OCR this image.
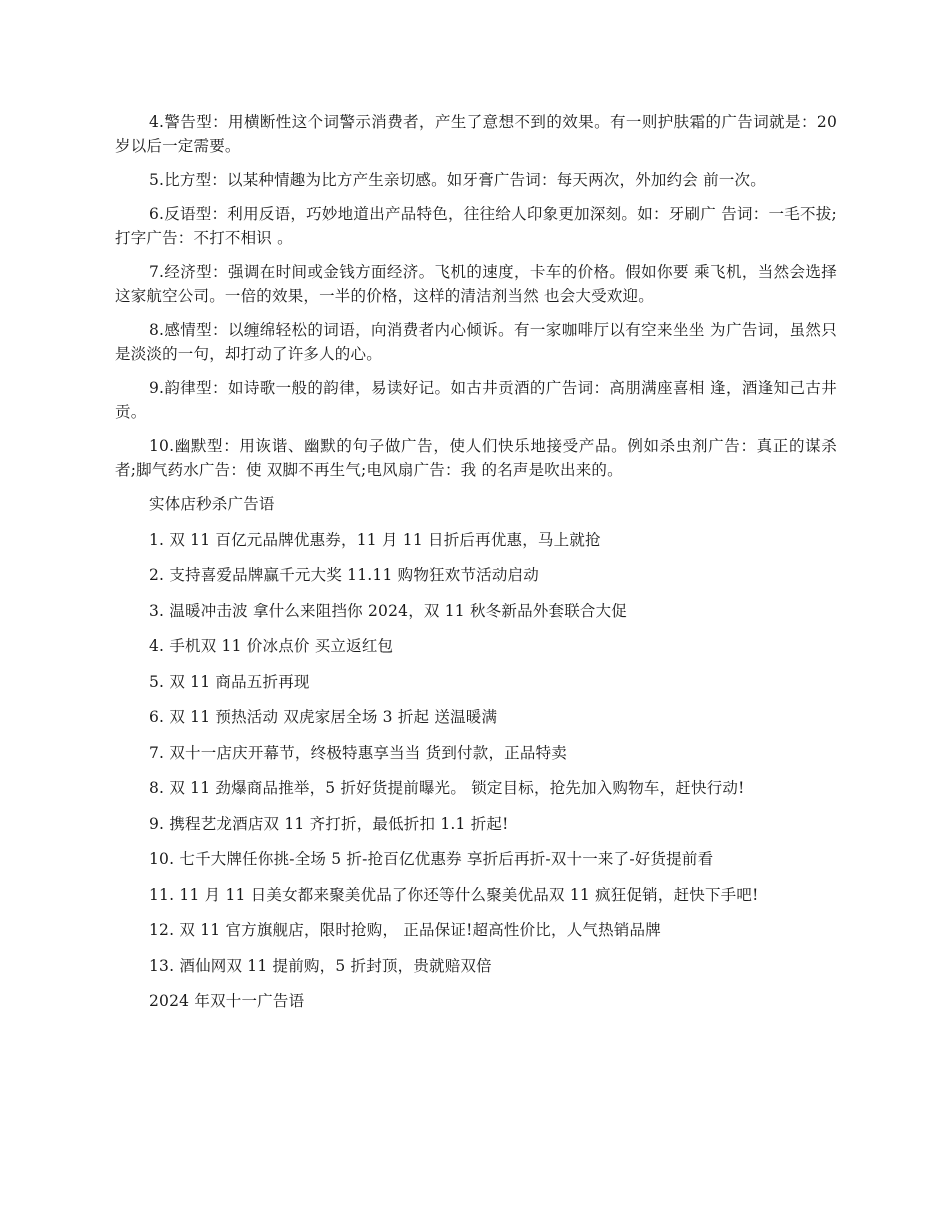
4.警告型：用横断性这个词警示消费者，产生了意想不到的效果。有一则护肤霜的广告词就是：20 岁以后一定需要。

5.比方型：以某种情趣为比方产生亲切感。如牙膏广告词：每天两次，外加约会 前一次。

6.反语型：利用反语，巧妙地道出产品特色，往往给人印象更加深刻。如：牙刷广 告词：一毛不拔;打字广告：不打不相识 。

7.经济型：强调在时间或金钱方面经济。飞机的速度，卡车的价格。假如你要 乘飞机，当然会选择这家航空公司。一倍的效果，一半的价格，这样的清洁剂当然 也会大受欢迎。

8.感情型：以缠绵轻松的词语，向消费者内心倾诉。有一家咖啡厅以有空来坐坐 为广告词，虽然只是淡淡的一句，却打动了许多人的心。

9.韵律型：如诗歌一般的韵律，易读好记。如古井贡酒的广告词：高朋满座喜相 逢，酒逢知己古井贡。

10.幽默型：用诙谐、幽默的句子做广告，使人们快乐地接受产品。例如杀虫剂广告：真正的谋杀者;脚气药水广告：使 双脚不再生气;电风扇广告：我 的名声是吹出来的。

实体店秒杀广告语

1. 双 11 百亿元品牌优惠券，11 月 11 日折后再优惠，马上就抢

2. 支持喜爱品牌赢千元大奖 11.11 购物狂欢节活动启动

3. 温暖冲击波 拿什么来阻挡你 2024，双 11 秋冬新品外套联合大促

4. 手机双 11 价冰点价 买立返红包

5. 双 11 商品五折再现

6. 双 11 预热活动 双虎家居全场 3 折起 送温暖满

7. 双十一店庆开幕节，终极特惠享当当 货到付款，正品特卖

8. 双 11 劲爆商品推举，5 折好货提前曝光。 锁定目标，抢先加入购物车，赶快行动!

9. 携程艺龙酒店双 11 齐打折，最低折扣 1.1 折起!

10. 七千大牌任你挑-全场 5 折-抢百亿优惠券 享折后再折-双十一来了-好货提前看

11. 11 月 11 日美女都来聚美优品了你还等什么聚美优品双 11 疯狂促销，赶快下手吧!

12. 双 11 官方旗舰店，限时抢购， 正品保证!超高性价比，人气热销品牌

13. 酒仙网双 11 提前购，5 折封顶，贵就赔双倍

2024 年双十一广告语
